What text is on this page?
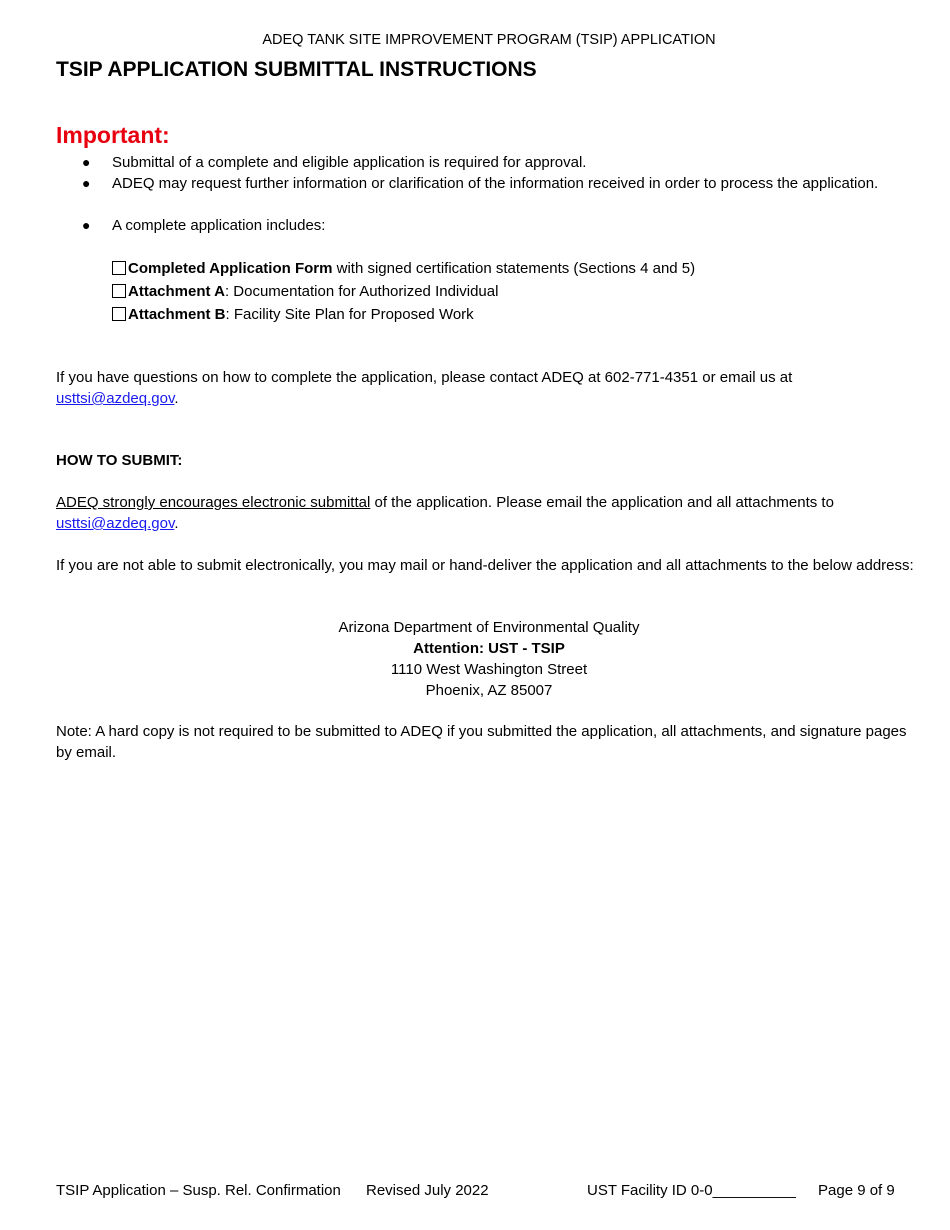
ADEQ TANK SITE IMPROVEMENT PROGRAM (TSIP) APPLICATION
TSIP APPLICATION SUBMITTAL INSTRUCTIONS
Important:
● Submittal of a complete and eligible application is required for approval.
● ADEQ may request further information or clarification of the information received in order to process the application.
● A complete application includes:
Completed Application Form with signed certification statements (Sections 4 and 5)
Attachment A: Documentation for Authorized Individual
Attachment B: Facility Site Plan for Proposed Work
If you have questions on how to complete the application, please contact ADEQ at 602-771-4351 or email us at usttsi@azdeq.gov.
HOW TO SUBMIT:
ADEQ strongly encourages electronic submittal of the application. Please email the application and all attachments to usttsi@azdeq.gov.
If you are not able to submit electronically, you may mail or hand-deliver the application and all attachments to the below address:
Arizona Department of Environmental Quality
Attention: UST - TSIP
1110 West Washington Street
Phoenix, AZ 85007
Note: A hard copy is not required to be submitted to ADEQ if you submitted the application, all attachments, and signature pages by email.
TSIP Application – Susp. Rel. Confirmation Revised July 2022	UST Facility ID 0-0__________ Page 9 of 9
